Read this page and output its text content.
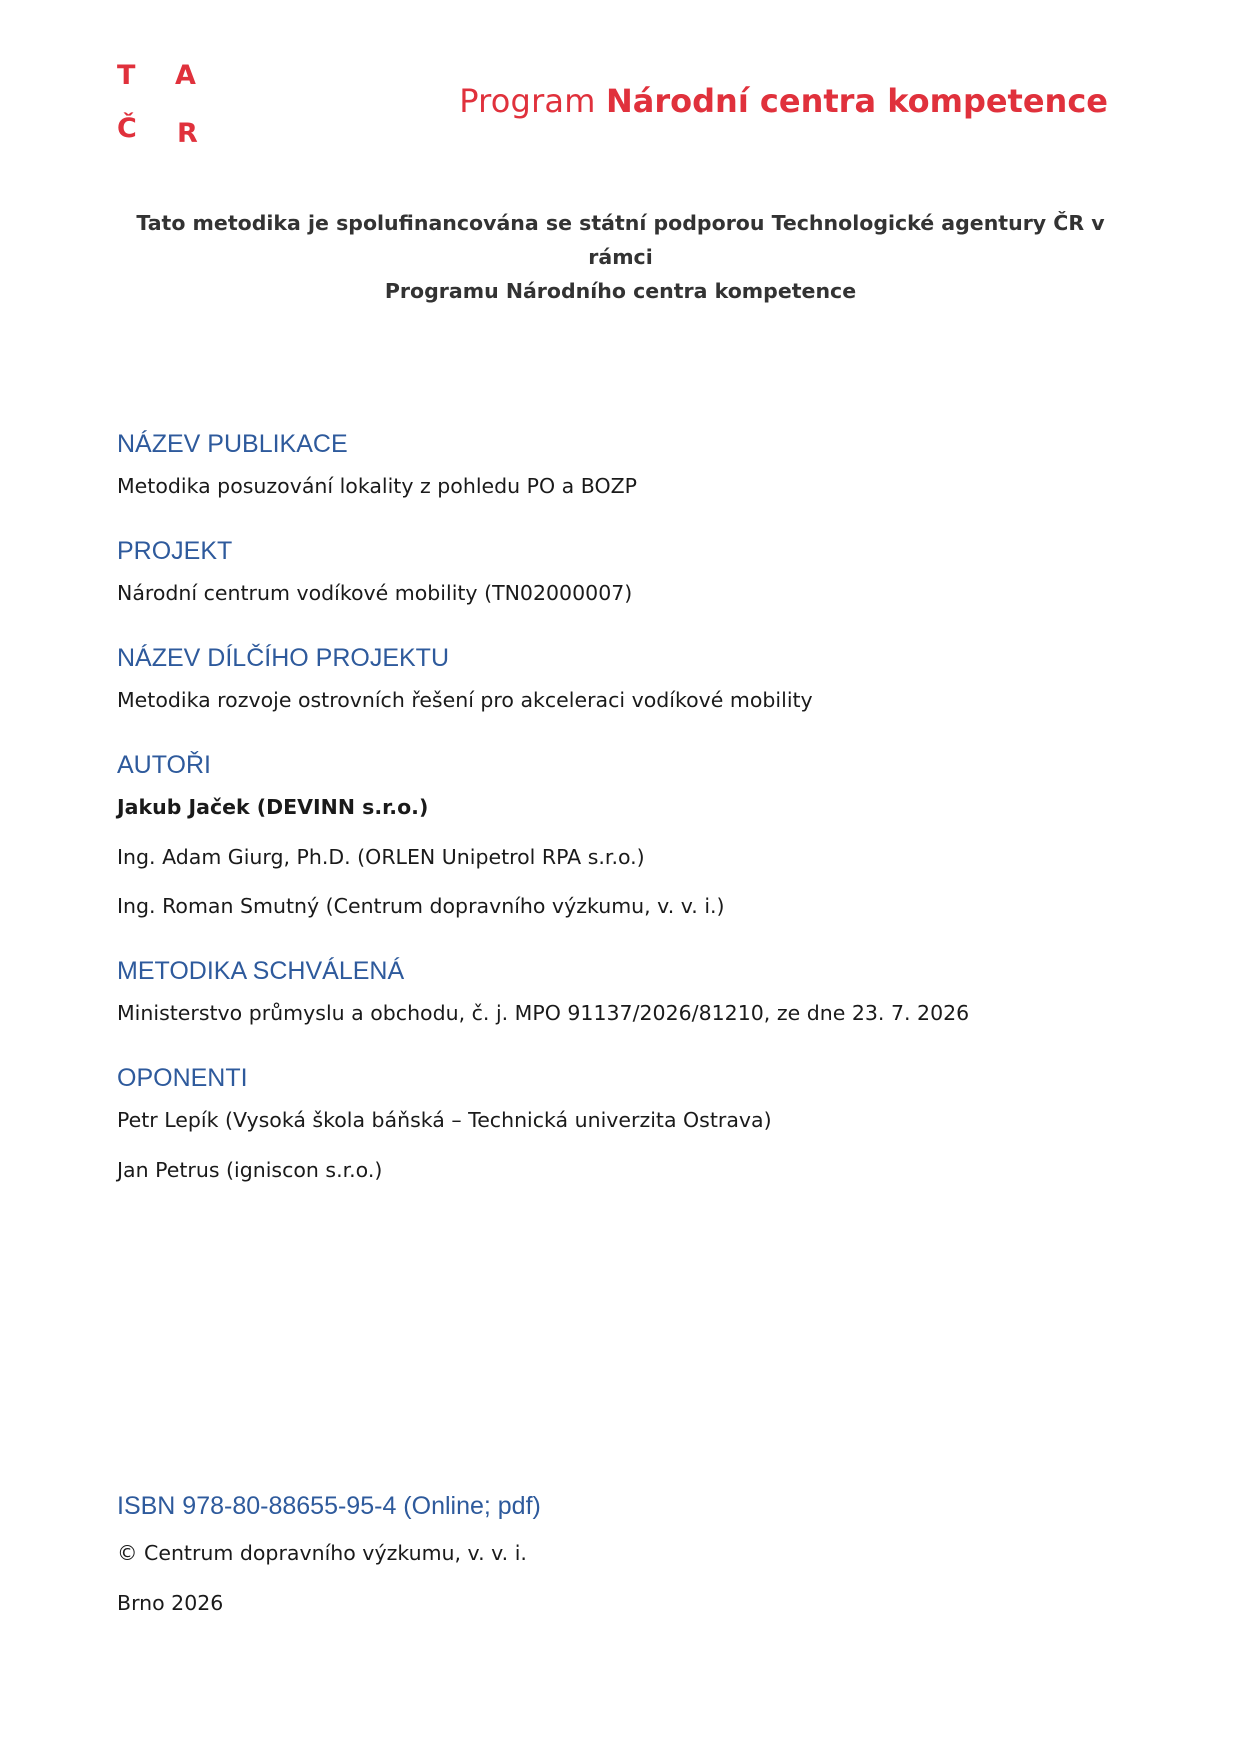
T A
Č R
Program Národní centra kompetence
Tato metodika je spolufinancována se státní podporou Technologické agentury ČR v rámci
Programu Národního centra kompetence
NÁZEV PUBLIKACE
Metodika posuzování lokality z pohledu PO a BOZP
PROJEKT
Národní centrum vodíkové mobility (TN02000007)
NÁZEV DÍLČÍHO PROJEKTU
Metodika rozvoje ostrovních řešení pro akceleraci vodíkové mobility
AUTOŘI
Jakub Jaček (DEVINN s.r.o.)
Ing. Adam Giurg, Ph.D. (ORLEN Unipetrol RPA s.r.o.)
Ing. Roman Smutný (Centrum dopravního výzkumu, v. v. i.)
METODIKA SCHVÁLENÁ
Ministerstvo průmyslu a obchodu, č. j. MPO 91137/2026/81210, ze dne 23. 7. 2026
OPONENTI
Petr Lepík (Vysoká škola báňská – Technická univerzita Ostrava)
Jan Petrus (igniscon s.r.o.)
ISBN 978-80-88655-95-4 (Online; pdf)
© Centrum dopravního výzkumu, v. v. i.
Brno 2026
